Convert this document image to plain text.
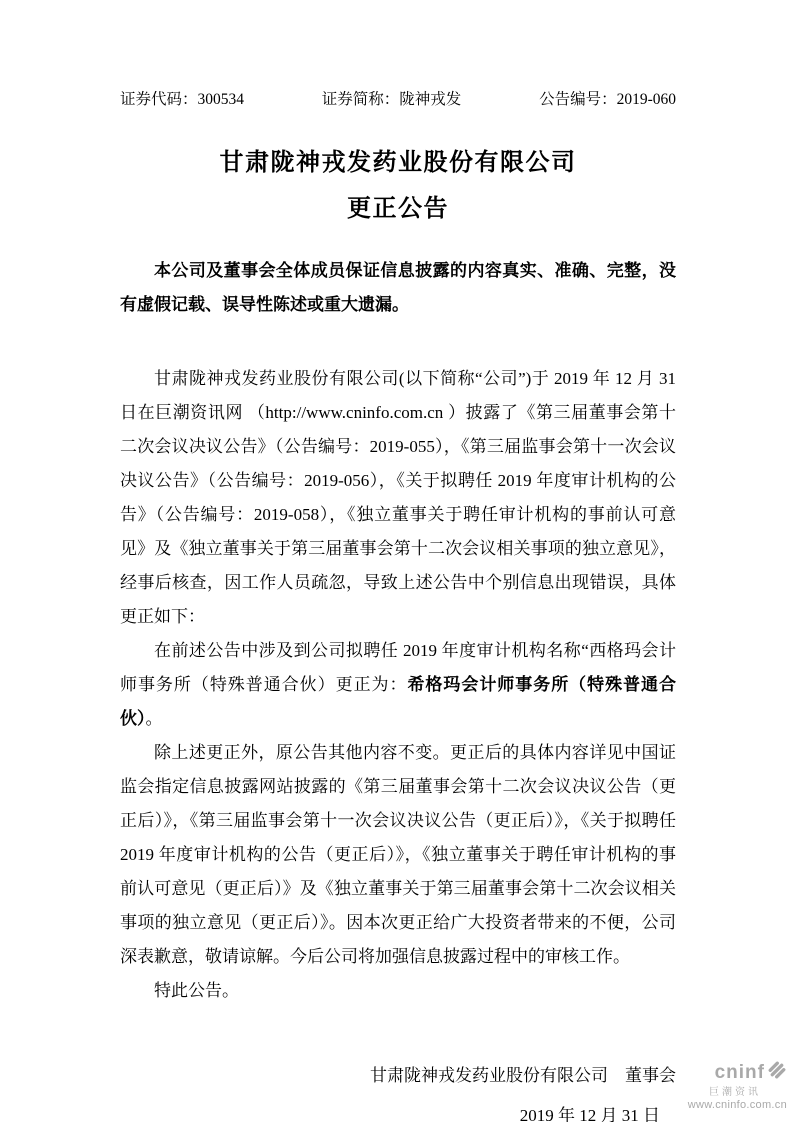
证券代码：300534	证券简称：陇神戎发	公告编号：2019-060
甘肃陇神戎发药业股份有限公司
更正公告

本公司及董事会全体成员保证信息披露的内容真实、准确、完整，没有虚假记载、误导性陈述或重大遗漏。

甘肃陇神戎发药业股份有限公司(以下简称“公司”)于 2019 年 12 月 31 日在巨潮资讯网 （http://www.cninfo.com.cn ）披露了《第三届董事会第十二次会议决议公告》（公告编号：2019-055），《第三届监事会第十一次会议决议公告》（公告编号：2019-056），《关于拟聘任 2019 年度审计机构的公告》（公告编号：2019-058），《独立董事关于聘任审计机构的事前认可意见》及《独立董事关于第三届董事会第十二次会议相关事项的独立意见》， 经事后核查，因工作人员疏忽，导致上述公告中个别信息出现错误，具体更正如下：

在前述公告中涉及到公司拟聘任 2019 年度审计机构名称“西格玛会计师事务所（特殊普通合伙）更正为：希格玛会计师事务所（特殊普通合伙）。

除上述更正外，原公告其他内容不变。更正后的具体内容详见中国证监会指定信息披露网站披露的《第三届董事会第十二次会议决议公告（更正后）》，《第三届监事会第十一次会议决议公告（更正后）》，《关于拟聘任 2019 年度审计机构的公告（更正后）》，《独立董事关于聘任审计机构的事前认可意见（更正后）》及《独立董事关于第三届董事会第十二次会议相关事项的独立意见（更正后）》。因本次更正给广大投资者带来的不便，公司深表歉意，敬请谅解。今后公司将加强信息披露过程中的审核工作。

特此公告。

甘肃陇神戎发药业股份有限公司　董事会
2019 年 12 月 31 日
cninf
巨潮资讯
www.cninfo.com.cn
